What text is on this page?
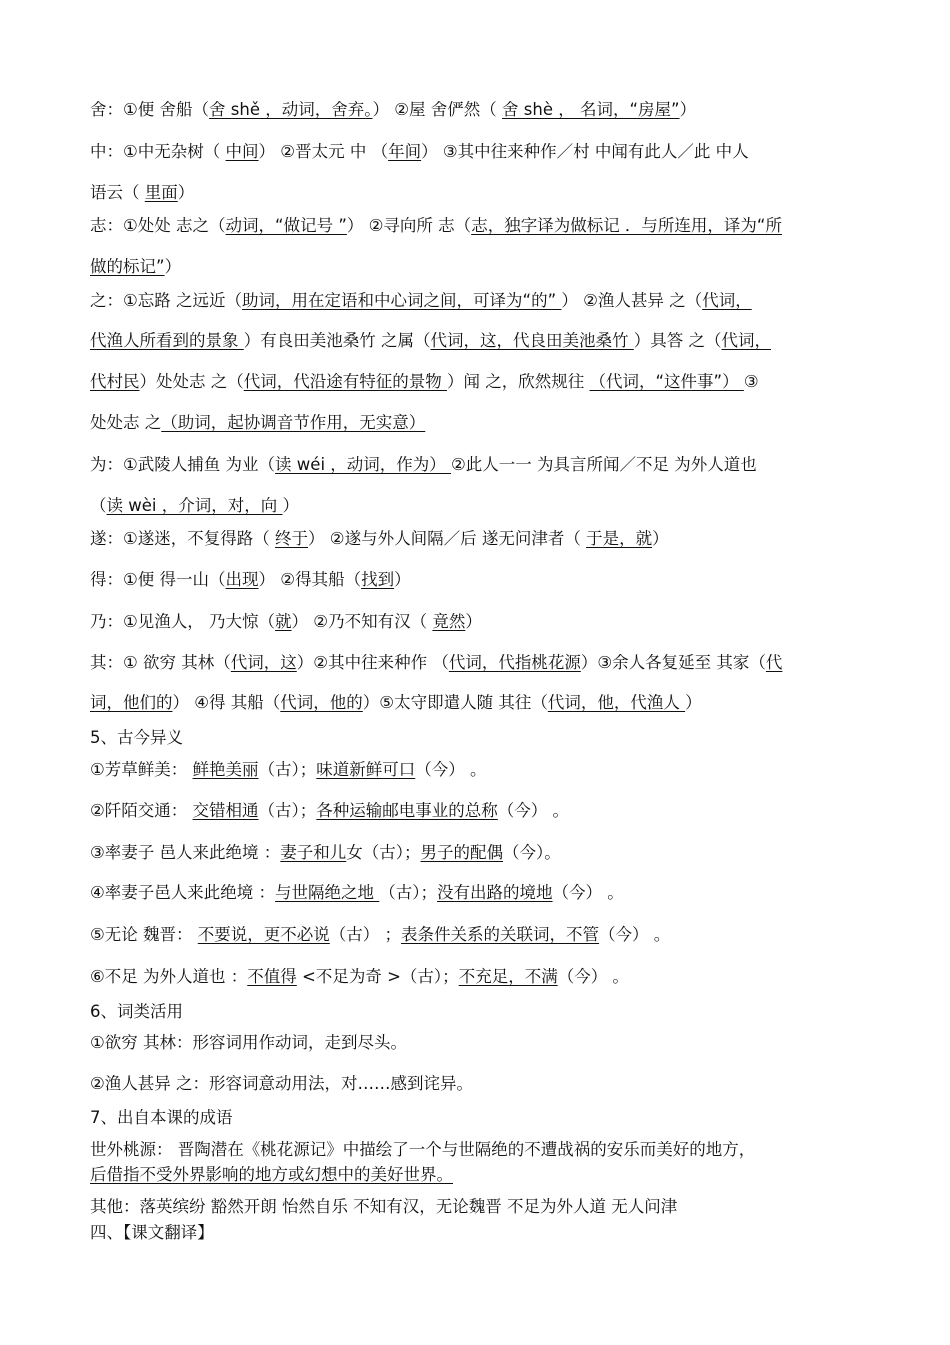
舍：①便 舍船（舍 shě ，动词，舍弃。） ②屋 舍俨然（ 舍 shè ， 名词，“房屋”）
中：①中无杂树（ 中间） ②晋太元 中 （年间） ③其中往来种作／村 中闻有此人／此 中人
语云（ 里面）
志：①处处 志之（动词，“做记号 ”） ②寻向所 志（志，独字译为做标记 ．与所连用，译为“所
做的标记”）
之：①忘路 之远近（助词，用在定语和中心词之间，可译为“的” ） ②渔人甚异 之（代词，
代渔人所看到的景象 ）有良田美池桑竹 之属（代词，这，代良田美池桑竹 ）具答 之（代词，
代村民）处处志 之（代词，代沿途有特征的景物 ）闻 之，欣然规往 （代词，“这件事”） ③
处处志 之（助词，起协调音节作用，无实意）
为：①武陵人捕鱼 为业（读 wéi ，动词，作为） ②此人一一 为具言所闻／不足 为外人道也
（读 wèi ，介词，对，向 ）
遂：①遂迷，不复得路（ 终于） ②遂与外人间隔／后 遂无问津者（ 于是，就）
得：①便 得一山（出现） ②得其船（找到）
乃：①见渔人， 乃大惊（就） ②乃不知有汉（ 竟然）
其：① 欲穷 其林（代词，这）②其中往来种作 （代词，代指桃花源）③余人各复延至 其家（代
词，他们的） ④得 其船（代词，他的）⑤太守即遣人随 其往（代词，他，代渔人 ）
5、古今异义
①芳草鲜美： 鲜艳美丽（古）；味道新鲜可口（今） 。
②阡陌交通： 交错相通（古）；各种运输邮电事业的总称（今） 。
③率妻子 邑人来此绝境 ：妻子和儿女（古）；男子的配偶（今）。
④率妻子邑人来此绝境 ：与世隔绝之地 （古）；没有出路的境地（今） 。
⑤无论 魏晋： 不要说，更不必说（古） ；表条件关系的关联词，不管（今） 。
⑥不足 为外人道也 ：不值得 <不足为奇 >（古）；不充足，不满（今） 。
6、词类活用
①欲穷 其林：形容词用作动词，走到尽头。
②渔人甚异 之：形容词意动用法，对……感到诧异。
7、出自本课的成语
世外桃源： 晋陶潜在《桃花源记》中描绘了一个与世隔绝的不遭战祸的安乐而美好的地方，
后借指不受外界影响的地方或幻想中的美好世界。
其他：落英缤纷 豁然开朗 怡然自乐 不知有汉，无论魏晋 不足为外人道 无人问津
四、【课文翻译】
